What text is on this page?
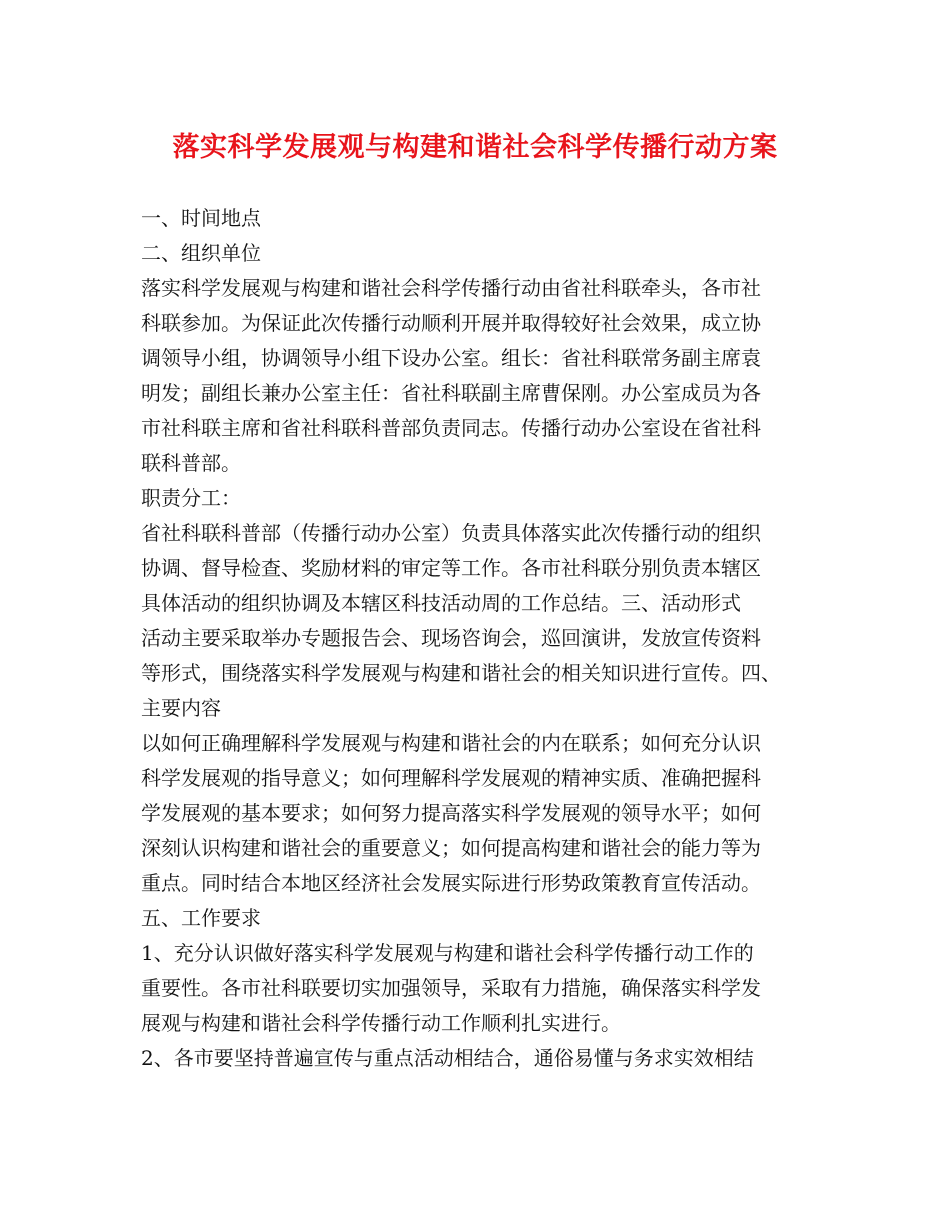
落实科学发展观与构建和谐社会科学传播行动方案
一、时间地点
二、组织单位
落实科学发展观与构建和谐社会科学传播行动由省社科联牵头，各市社
科联参加。为保证此次传播行动顺利开展并取得较好社会效果，成立协
调领导小组，协调领导小组下设办公室。组长：省社科联常务副主席袁
明发；副组长兼办公室主任：省社科联副主席曹保刚。办公室成员为各
市社科联主席和省社科联科普部负责同志。传播行动办公室设在省社科
联科普部。
职责分工：
省社科联科普部（传播行动办公室）负责具体落实此次传播行动的组织
协调、督导检查、奖励材料的审定等工作。各市社科联分别负责本辖区
具体活动的组织协调及本辖区科技活动周的工作总结。三、活动形式
活动主要采取举办专题报告会、现场咨询会，巡回演讲，发放宣传资料
等形式，围绕落实科学发展观与构建和谐社会的相关知识进行宣传。四、
主要内容
以如何正确理解科学发展观与构建和谐社会的内在联系；如何充分认识
科学发展观的指导意义；如何理解科学发展观的精神实质、准确把握科
学发展观的基本要求；如何努力提高落实科学发展观的领导水平；如何
深刻认识构建和谐社会的重要意义；如何提高构建和谐社会的能力等为
重点。同时结合本地区经济社会发展实际进行形势政策教育宣传活动。
五、工作要求
1、充分认识做好落实科学发展观与构建和谐社会科学传播行动工作的
重要性。各市社科联要切实加强领导，采取有力措施，确保落实科学发
展观与构建和谐社会科学传播行动工作顺利扎实进行。
2、各市要坚持普遍宣传与重点活动相结合，通俗易懂与务求实效相结
